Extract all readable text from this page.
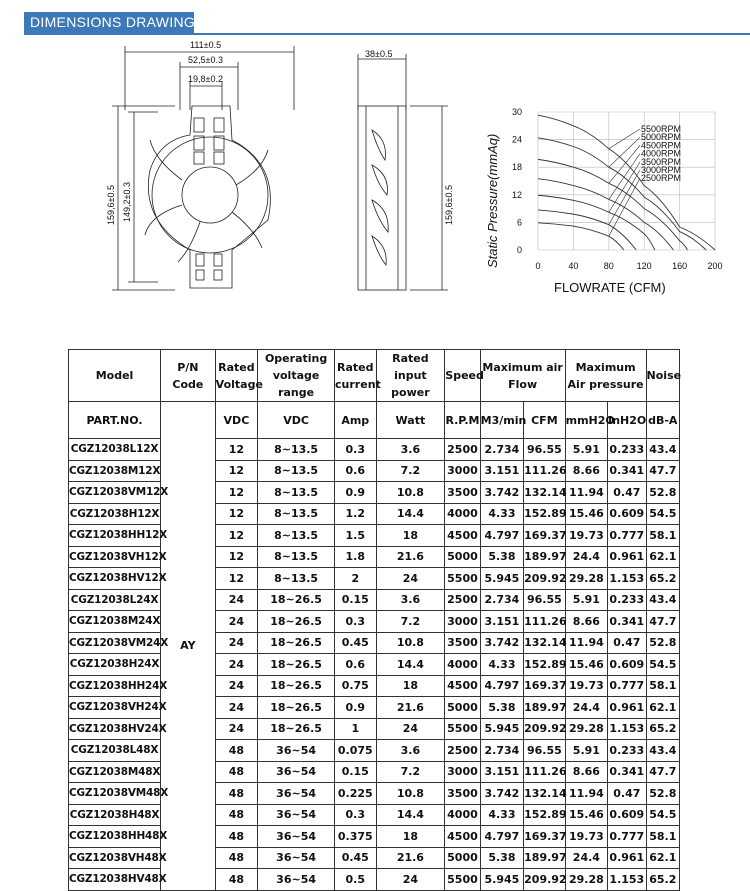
DIMENSIONS DRAWING
111±0.5
52,5±0.3
19,8±0.2
159,6±0.5 149,2±0.3
38±0.5
159,6±0.5
5500RPM
5000RPM
4500RPM
4000RPM
3500RPM
3000RPM
2500RPM
0
6
12
18
24
30
0	40	80	120 160 200
Static Pressure(mmAq)
FLOWRATE (CFM)
Model	P/N Code	Rated Voltage	Operating voltage range	Rated current	Rated input power	Speed	Maximum air Flow		Maximum Air pressure		Noise
PART.NO.	AY	VDC	VDC	Amp	Watt	R.P.M	M3/min	CFM	mmH2O	InH2O	dB-A
CGZ12038L12X		12	8~13.5	0.3	3.6	2500	2.734	96.55	5.91	0.233	43.4
CGZ12038M12X		12	8~13.5	0.6	7.2	3000	3.151	111.26	8.66	0.341	47.7
CGZ12038VM12X		12	8~13.5	0.9	10.8	3500	3.742	132.14	11.94	0.47	52.8
CGZ12038H12X		12	8~13.5	1.2	14.4	4000	4.33	152.89	15.46	0.609	54.5
CGZ12038HH12X		12	8~13.5	1.5	18	4500	4.797	169.37	19.73	0.777	58.1
CGZ12038VH12X		12	8~13.5	1.8	21.6	5000	5.38	189.97	24.4	0.961	62.1
CGZ12038HV12X		12	8~13.5	2	24	5500	5.945	209.92	29.28	1.153	65.2
CGZ12038L24X		24	18~26.5	0.15	3.6	2500	2.734	96.55	5.91	0.233	43.4
CGZ12038M24X		24	18~26.5	0.3	7.2	3000	3.151	111.26	8.66	0.341	47.7
CGZ12038VM24X		24	18~26.5	0.45	10.8	3500	3.742	132.14	11.94	0.47	52.8
CGZ12038H24X		24	18~26.5	0.6	14.4	4000	4.33	152.89	15.46	0.609	54.5
CGZ12038HH24X		24	18~26.5	0.75	18	4500	4.797	169.37	19.73	0.777	58.1
CGZ12038VH24X		24	18~26.5	0.9	21.6	5000	5.38	189.97	24.4	0.961	62.1
CGZ12038HV24X		24	18~26.5	1	24	5500	5.945	209.92	29.28	1.153	65.2
CGZ12038L48X		48	36~54	0.075	3.6	2500	2.734	96.55	5.91	0.233	43.4
CGZ12038M48X		48	36~54	0.15	7.2	3000	3.151	111.26	8.66	0.341	47.7
CGZ12038VM48X		48	36~54	0.225	10.8	3500	3.742	132.14	11.94	0.47	52.8
CGZ12038H48X		48	36~54	0.3	14.4	4000	4.33	152.89	15.46	0.609	54.5
CGZ12038HH48X		48	36~54	0.375	18	4500	4.797	169.37	19.73	0.777	58.1
CGZ12038VH48X		48	36~54	0.45	21.6	5000	5.38	189.97	24.4	0.961	62.1
CGZ12038HV48X		48	36~54	0.5	24	5500	5.945	209.92	29.28	1.153	65.2
